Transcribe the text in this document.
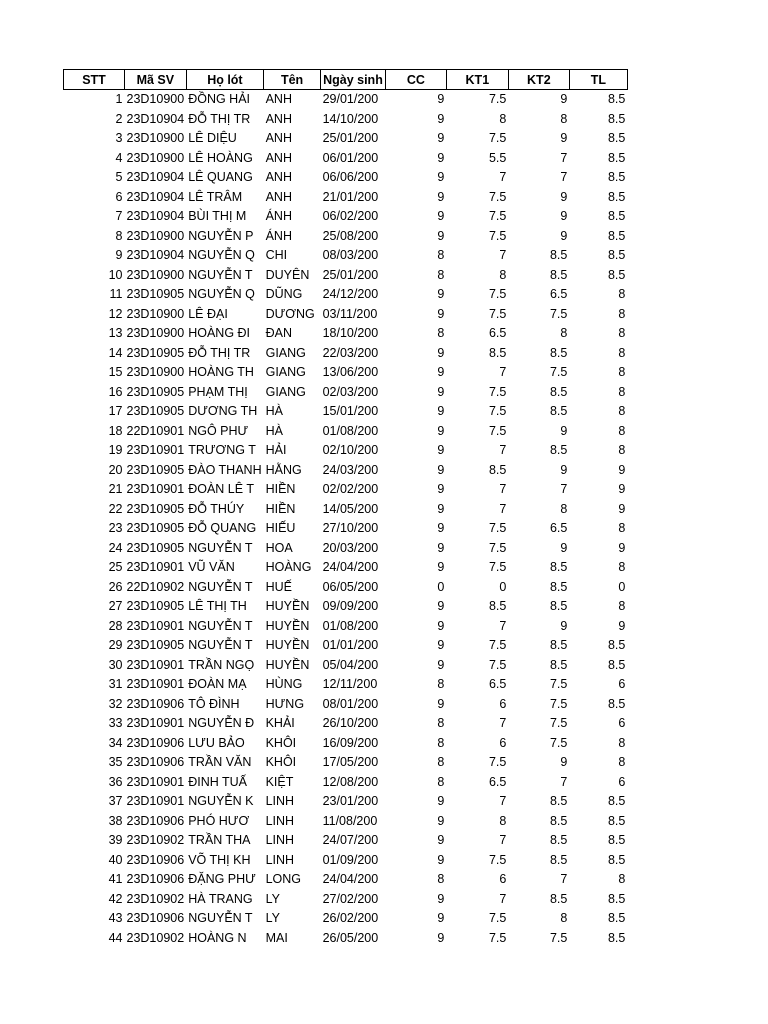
STT	Mã SV	Họ lót	Tên	Ngày sinh	CC	KT1	KT2	TL
1	23D10900	ĐỒNG HẢI	ANH	29/01/200	9	7.5	9	8.5
2	23D10904	ĐỖ THỊ TR	ANH	14/10/200	9	8	8	8.5
3	23D10900	LÊ DIỆU	ANH	25/01/200	9	7.5	9	8.5
4	23D10900	LÊ HOÀNG	ANH	06/01/200	9	5.5	7	8.5
5	23D10904	LÊ QUANG	ANH	06/06/200	9	7	7	8.5
6	23D10904	LÊ TRÂM	ANH	21/01/200	9	7.5	9	8.5
7	23D10904	BÙI THỊ M	ÁNH	06/02/200	9	7.5	9	8.5
8	23D10900	NGUYỄN P	ÁNH	25/08/200	9	7.5	9	8.5
9	23D10904	NGUYỄN Q	CHI	08/03/200	8	7	8.5	8.5
10	23D10900	NGUYỄN T	DUYÊN	25/01/200	8	8	8.5	8.5
11	23D10905	NGUYỄN Q	DŨNG	24/12/200	9	7.5	6.5	8
12	23D10900	LÊ ĐẠI	DƯƠNG	03/11/200	9	7.5	7.5	8
13	23D10900	HOÀNG ĐI	ĐAN	18/10/200	8	6.5	8	8
14	23D10905	ĐỖ THỊ TR	GIANG	22/03/200	9	8.5	8.5	8
15	23D10900	HOÀNG TH	GIANG	13/06/200	9	7	7.5	8
16	23D10905	PHẠM THỊ	GIANG	02/03/200	9	7.5	8.5	8
17	23D10905	DƯƠNG TH	HÀ	15/01/200	9	7.5	8.5	8
18	22D10901	NGÔ PHƯ	HÀ	01/08/200	9	7.5	9	8
19	23D10901	TRƯƠNG T	HẢI	02/10/200	9	7	8.5	8
20	23D10905	ĐÀO THANH	HẰNG	24/03/200	9	8.5	9	9
21	23D10901	ĐOÀN LÊ T	HIỀN	02/02/200	9	7	7	9
22	23D10905	ĐỖ THÚY	HIỀN	14/05/200	9	7	8	9
23	23D10905	ĐỖ QUANG	HIẾU	27/10/200	9	7.5	6.5	8
24	23D10905	NGUYỄN T	HOA	20/03/200	9	7.5	9	9
25	23D10901	VŨ VĂN	HOÀNG	24/04/200	9	7.5	8.5	8
26	22D10902	NGUYỄN T	HUẾ	06/05/200	0	0	8.5	0
27	23D10905	LÊ THỊ TH	HUYỀN	09/09/200	9	8.5	8.5	8
28	23D10901	NGUYỄN T	HUYỀN	01/08/200	9	7	9	9
29	23D10905	NGUYỄN T	HUYỀN	01/01/200	9	7.5	8.5	8.5
30	23D10901	TRẦN NGỌ	HUYỀN	05/04/200	9	7.5	8.5	8.5
31	23D10901	ĐOÀN MẠ	HÙNG	12/11/200	8	6.5	7.5	6
32	23D10906	TÔ ĐÌNH	HƯNG	08/01/200	9	6	7.5	8.5
33	23D10901	NGUYỄN Đ	KHẢI	26/10/200	8	7	7.5	6
34	23D10906	LƯU BẢO	KHÔI	16/09/200	8	6	7.5	8
35	23D10906	TRẦN VĂN	KHÔI	17/05/200	8	7.5	9	8
36	23D10901	ĐINH TUẤ	KIỆT	12/08/200	8	6.5	7	6
37	23D10901	NGUYỄN K	LINH	23/01/200	9	7	8.5	8.5
38	23D10906	PHÓ HƯƠ	LINH	11/08/200	9	8	8.5	8.5
39	23D10902	TRẦN THA	LINH	24/07/200	9	7	8.5	8.5
40	23D10906	VÕ THỊ KH	LINH	01/09/200	9	7.5	8.5	8.5
41	23D10906	ĐẶNG PHƯ	LONG	24/04/200	8	6	7	8
42	23D10902	HÀ TRANG	LY	27/02/200	9	7	8.5	8.5
43	23D10906	NGUYỄN T	LY	26/02/200	9	7.5	8	8.5
44	23D10902	HOÀNG N	MAI	26/05/200	9	7.5	7.5	8.5
